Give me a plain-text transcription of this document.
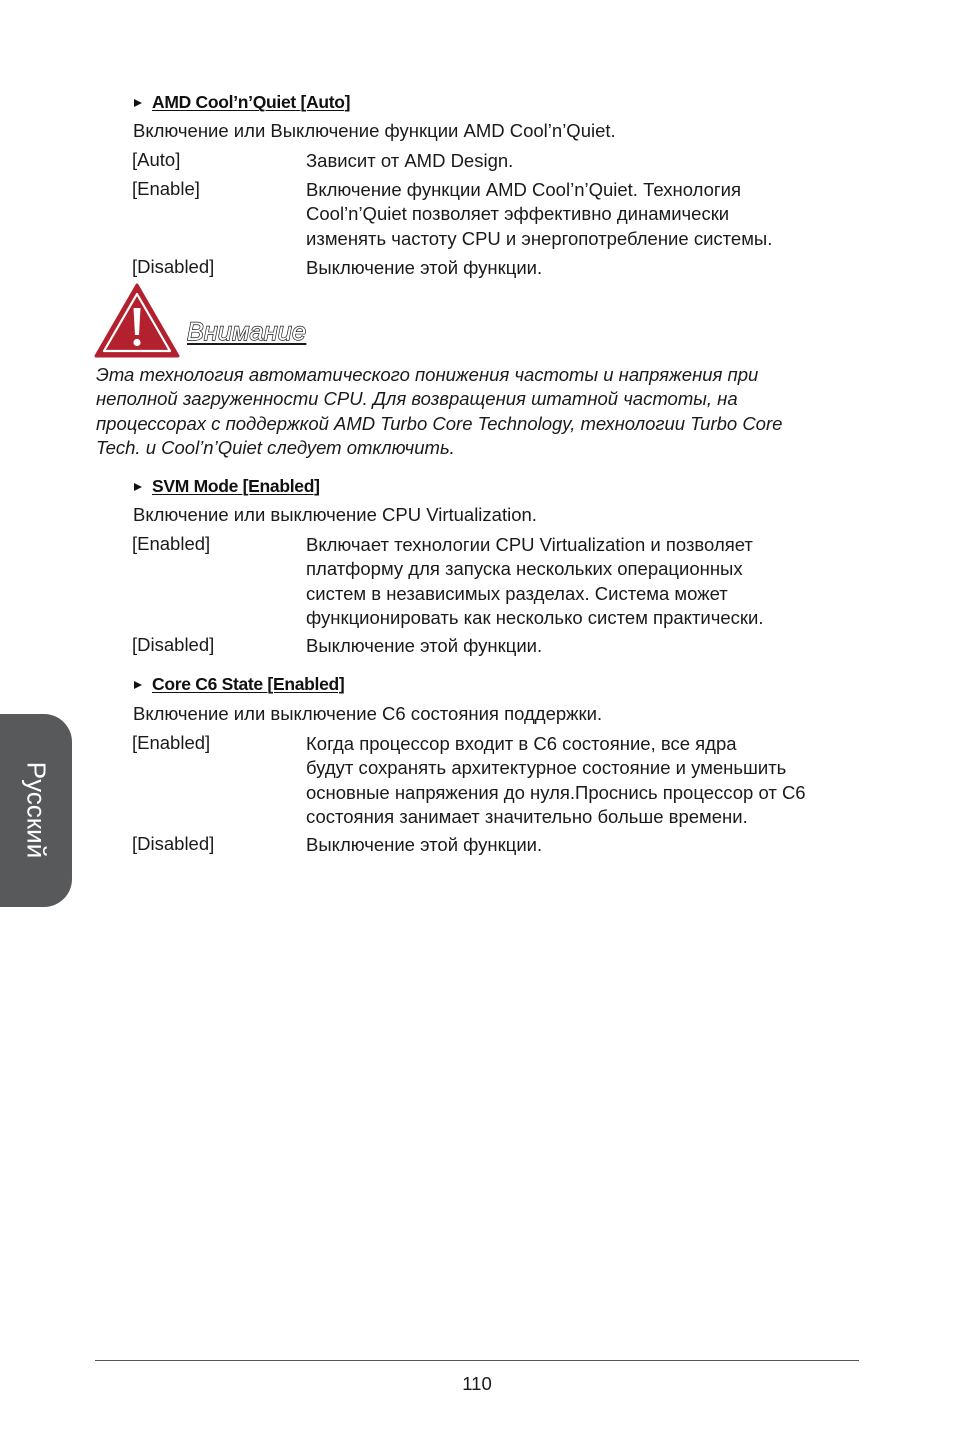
AMD Cool’n’Quiet [Auto]
Включение или Выключение функции AMD Cool’n’Quiet.
[Auto]	Зависит от AMD Design.
[Enable]	Включение функции AMD Cool’n’Quiet. Технология
Cool’n’Quiet позволяет эффективно динамически
изменять частоту CPU и энергопотребление системы.
[Disabled]	Выключение этой функции.
Внимание
Эта технология автоматического понижения частоты и напряжения при
неполной загруженности CPU. Для возвращения штатной частоты, на
процессорах с поддержкой AMD Turbo Core Technology, технологии Turbo Core
Tech. и Cool’n’Quiet следует отключить.
SVM Mode [Enabled]
Включение или выключение CPU Virtualization.
[Enabled]	Включает технологии CPU Virtualization и позволяет
платформу для запуска нескольких операционных
систем в независимых разделах. Система может
функционировать как несколько систем практически.
[Disabled]	Выключение этой функции.
Core C6 State [Enabled]
Включение или выключение C6 состояния поддержки.
[Enabled]	Когда процессор входит в C6 состояние, все ядра
будут сохранять архитектурное состояние и уменьшить
основные напряжения до нуля.Проснись процессор от C6
состояния занимает значительно больше времени.
[Disabled]	Выключение этой функции.
Русский
110
